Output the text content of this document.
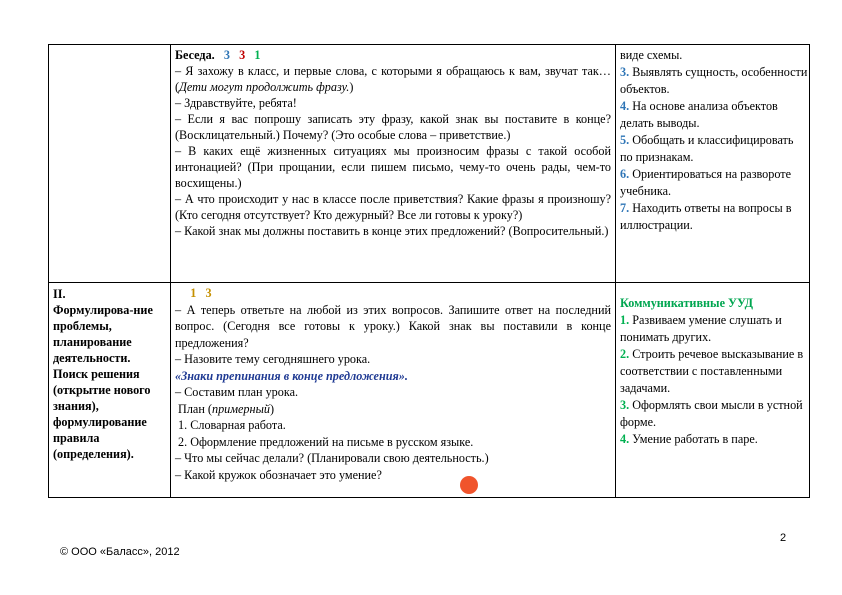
Беседа. 3 3 1

– Я захожу в класс, и первые слова, с которыми я обращаюсь к вам, звучат так… (Дети могут продолжить фразу.)

– Здравствуйте, ребята!

– Если я вас попрошу записать эту фразу, какой знак вы поставите в конце? (Восклицательный.) Почему? (Это особые слова – приветствие.)

– В каких ещё жизненных ситуациях мы произносим фразы с такой особой интонацией? (При прощании, если пишем письмо, чему-то очень рады, чем-то восхищены.)

– А что происходит у нас в классе после приветствия? Какие фразы я произношу? (Кто сегодня отсутствует? Кто дежурный? Все ли готовы к уроку?)

– Какой знак мы должны поставить в конце этих предложений? (Вопросительный.)

виде схемы.

3. Выявлять сущность, особенности объектов.

4. На основе анализа объектов делать выводы.

5. Обобщать и классифицировать по признакам.

6. Ориентироваться на развороте учебника.

7. Находить ответы на вопросы в иллюстрации.

II.

Формулирова-ние проблемы, планирование деятельности. Поиск решения (открытие нового знания), формулирование правила (определения).

1 3

– А теперь ответьте на любой из этих вопросов. Запишите ответ на последний вопрос. (Сегодня все готовы к уроку.) Какой знак вы поставили в конце предложения?

– Назовите тему сегодняшнего урока.

«Знаки препинания в конце предложения».

– Составим план урока.

План (примерный)

1. Словарная работа.

2. Оформление предложений на письме в русском языке.

– Что мы сейчас делали? (Планировали свою деятельность.)

– Какой кружок обозначает это умение?

Коммуникативные УУД

1. Развиваем умение слушать и понимать других.

2. Строить речевое высказывание в соответствии с поставленными задачами.

3. Оформлять свои мысли в устной форме.

4. Умение работать в паре.

2
© ООО «Баласс», 2012
